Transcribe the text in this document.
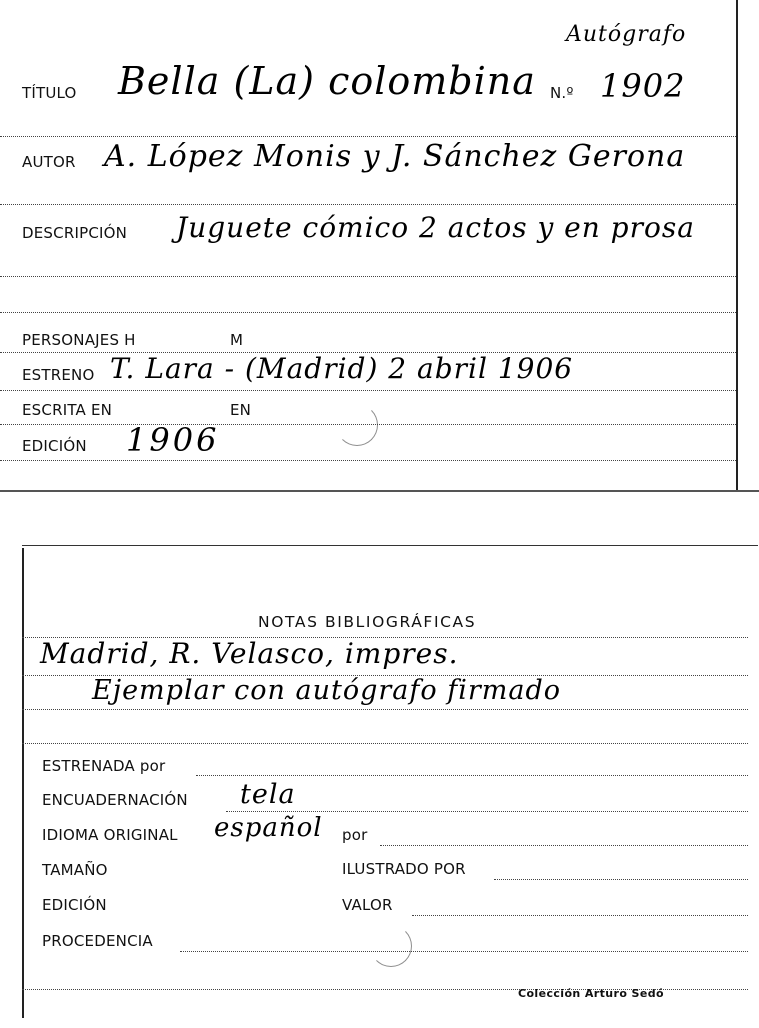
Autógrafo
TÍTULO Bella (La) colombina N.º 1902
AUTOR A. López Monis y J. Sánchez Gerona
DESCRIPCIÓN Juguete cómico 2 actos y en prosa
PERSONAJES H	M
ESTRENO T. Lara - (Madrid) 2 abril 1906
ESCRITA EN	EN
EDICIÓN 1906
NOTAS BIBLIOGRÁFICAS
Madrid, R. Velasco, impres.
Ejemplar con autógrafo firmado
ESTRENADA por
ENCUADERNACIÓN tela
IDIOMA ORIGINAL español por
TAMAÑO	ILUSTRADO POR
EDICIÓN	VALOR
PROCEDENCIA
Colección Arturo Sedó
